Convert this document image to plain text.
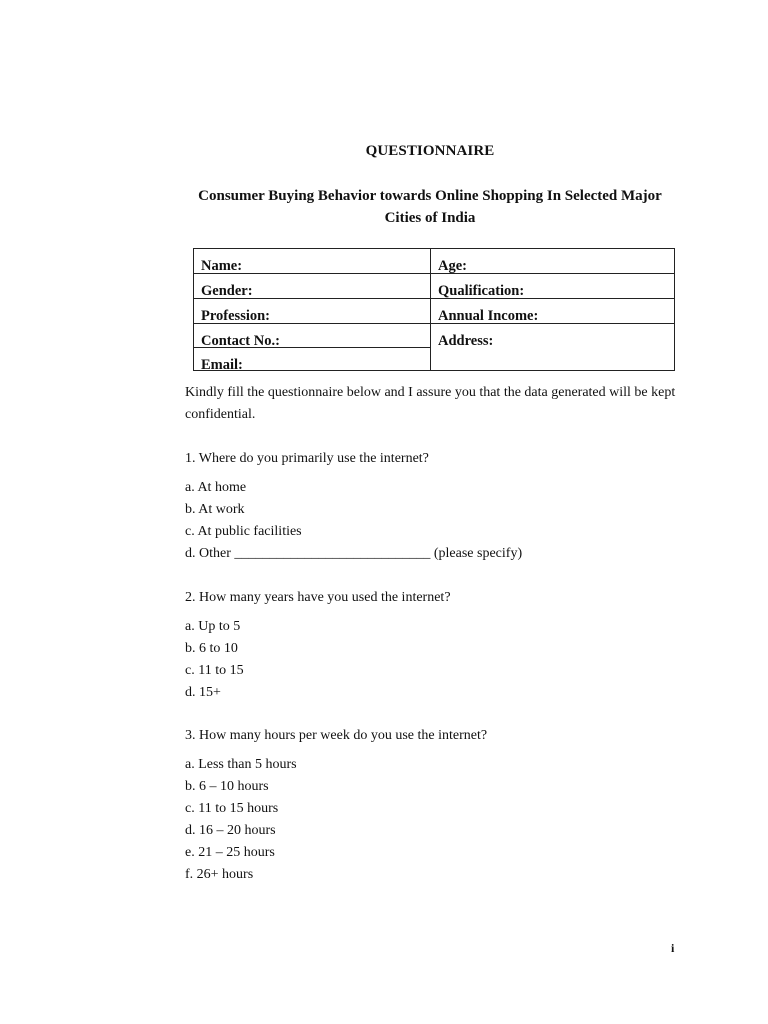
QUESTIONNAIRE
Consumer Buying Behavior towards Online Shopping In Selected Major
Cities of India
Name:	Age:
Gender:	Qualification:
Profession:	Annual Income:
Contact No.:	Address:
Email:
Kindly fill the questionnaire below and I assure you that the data generated will be kept confidential.
1. Where do you primarily use the internet?
a. At home
b. At work
c. At public facilities
d. Other ____________________________ (please specify)
2. How many years have you used the internet?
a. Up to 5
b. 6 to 10
c. 11 to 15
d. 15+
3. How many hours per week do you use the internet?
a. Less than 5 hours
b. 6 – 10 hours
c. 11 to 15 hours
d. 16 – 20 hours
e. 21 – 25 hours
f. 26+ hours
i
